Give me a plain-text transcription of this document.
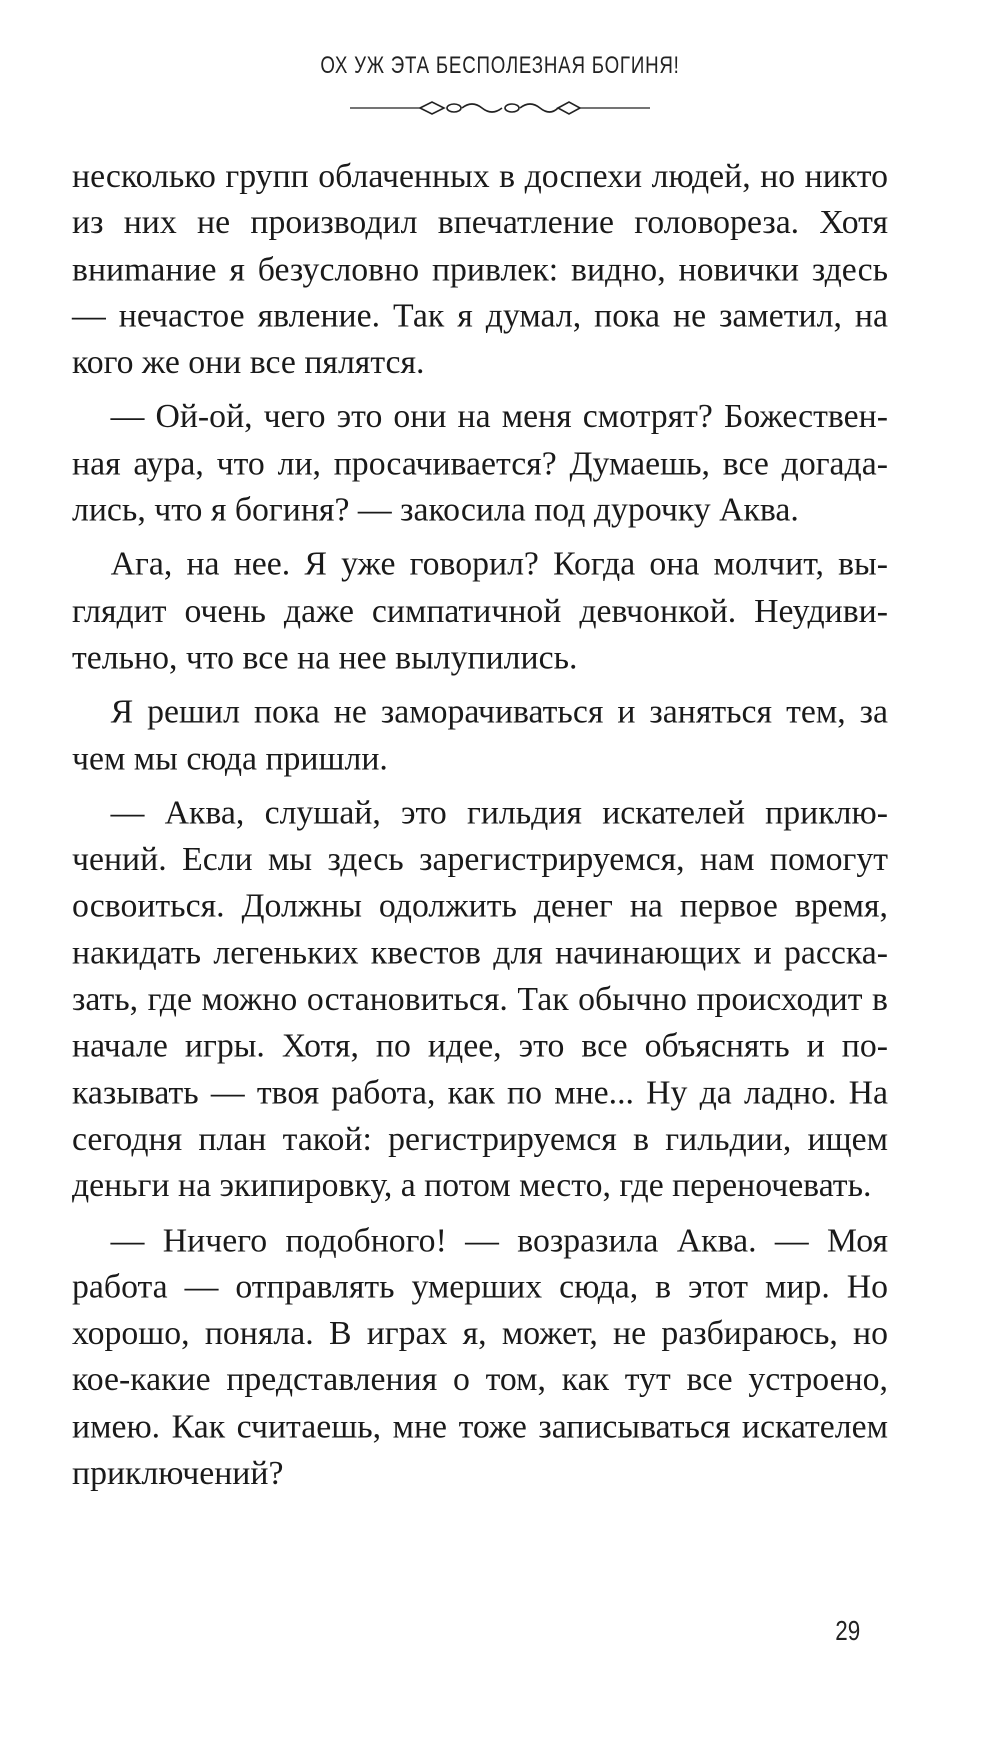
ОХ УЖ ЭТА БЕСПОЛЕЗНАЯ БОГИНЯ!

несколько групп облаченных в доспехи людей, но никто из них не производил впечатление головореза. Хотя вниmание я безусловно привлек: видно, новички здесь — нечастое явление. Так я думал, пока не заметил, на кого же они все пялятся.

— Ой-ой, чего это они на меня смотрят? Божественная аура, что ли, просачивается? Думаешь, все догадались, что я богиня? — закосила под дурочку Аква.

Ага, на нее. Я уже говорил? Когда она молчит, выглядит очень даже симпатичной девчонкой. Неудивительно, что все на нее вылупились.

Я решил пока не заморачиваться и заняться тем, за чем мы сюда пришли.

— Аква, слушай, это гильдия искателей приключений. Если мы здесь зарегистрируемся, нам помогут освоиться. Должны одолжить денег на первое время, накидать легеньких квестов для начинающих и рассказать, где можно остановиться. Так обычно происходит в начале игры. Хотя, по идее, это все объяснять и показывать — твоя работа, как по мне... Ну да ладно. На сегодня план такой: регистрируемся в гильдии, ищем деньги на экипировку, а потом место, где переночевать.

— Ничего подобного! — возразила Аква. — Моя работа — отправлять умерших сюда, в этот мир. Но хорошо, поняла. В играх я, может, не разбираюсь, но кое-какие представления о том, как тут все устроено, имею. Как считаешь, мне тоже записываться искателем приключений?

29
